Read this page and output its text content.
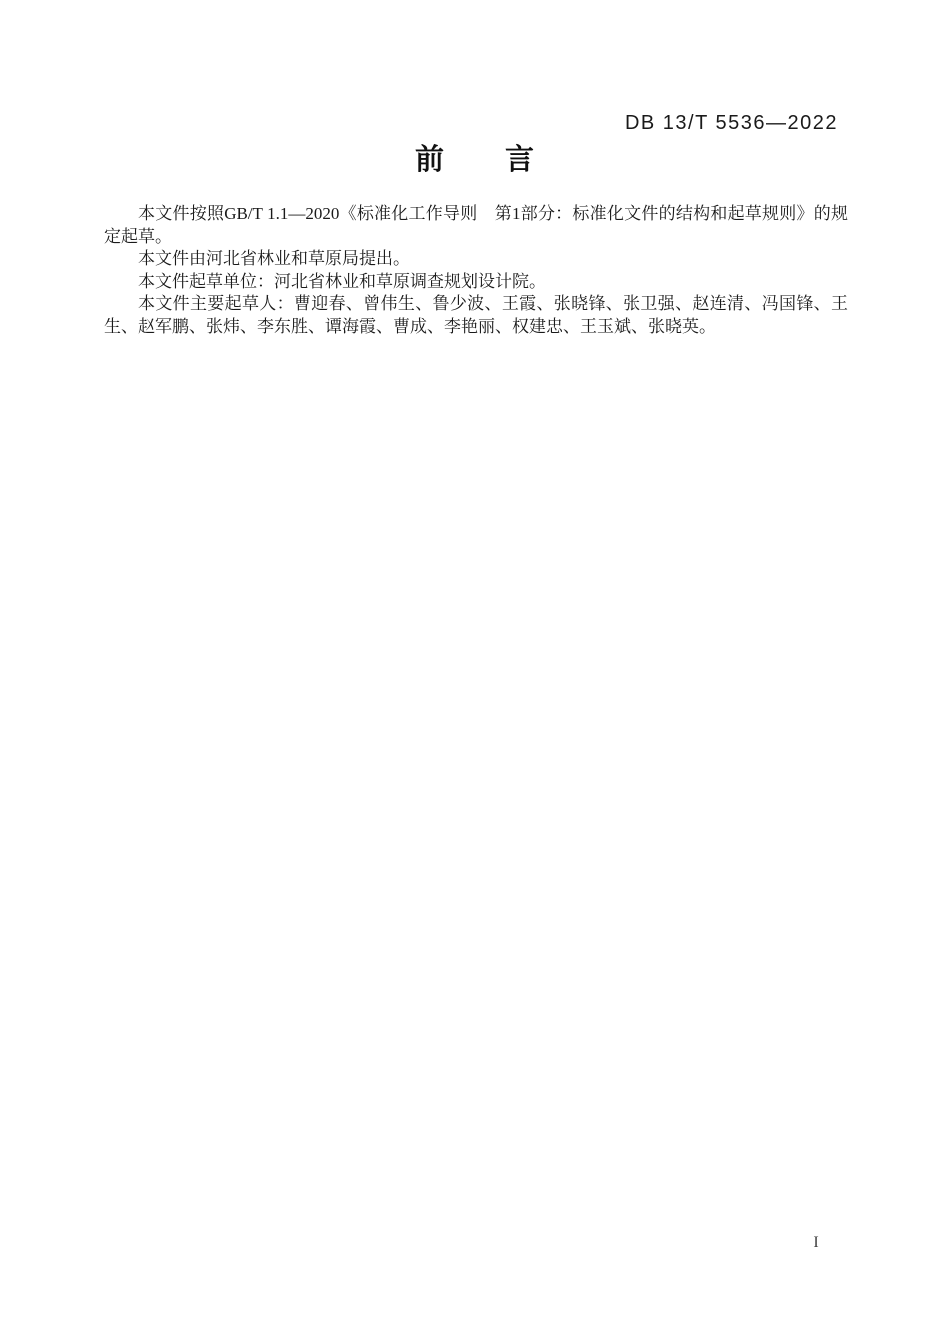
DB 13/T 5536—2022
前　　言

本文件按照GB/T 1.1—2020《标准化工作导则　第1部分：标准化文件的结构和起草规则》的规定起草。

本文件由河北省林业和草原局提出。

本文件起草单位：河北省林业和草原调查规划设计院。

本文件主要起草人：曹迎春、曾伟生、鲁少波、王霞、张晓锋、张卫强、赵连清、冯国锋、王生、赵军鹏、张炜、李东胜、谭海霞、曹成、李艳丽、权建忠、王玉斌、张晓英。

I
